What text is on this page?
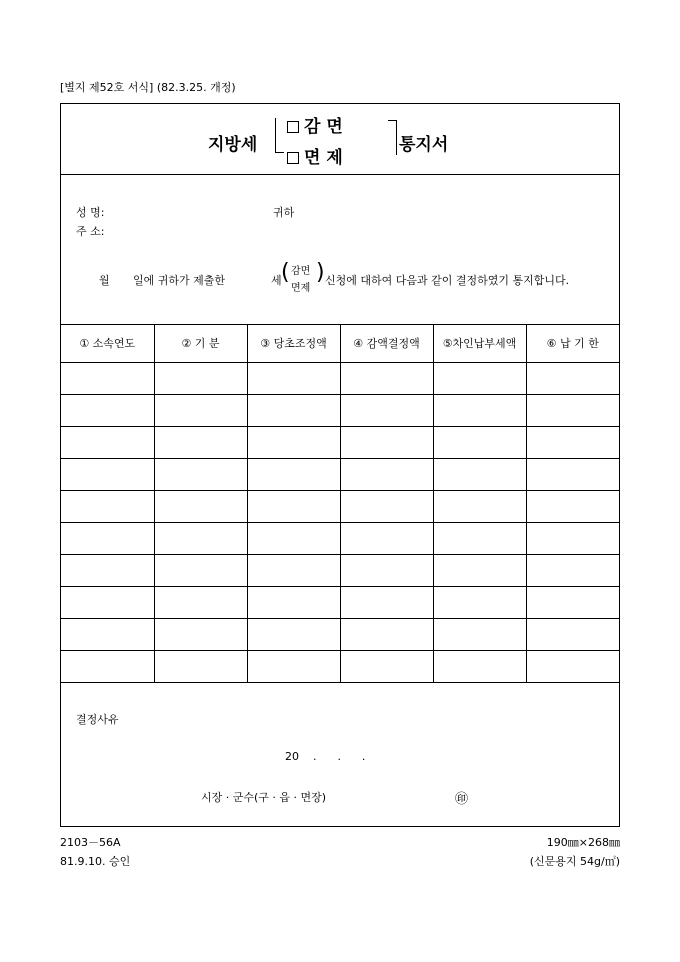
[별지 제52호 서식] (82.3.25. 개정)
지방세
감 면
면 제
통지서
성 명:	귀하
주 소:
월 일에 귀하가 제출한	세 ( 감면
면제
) 신청에 대하여 다음과 같이 결정하였기 통지합니다.
① 소속연도	② 기 분	③ 당초조정액	④ 감액결정액	⑤차인납부세액	⑥ 납 기 한

결정사유
20    .      .      .
시장 · 군수(구 · 읍 · 면장)	㊞
2103－56A
81.9.10. 승인
190㎜×268㎜
(신문용지 54g/㎡)
